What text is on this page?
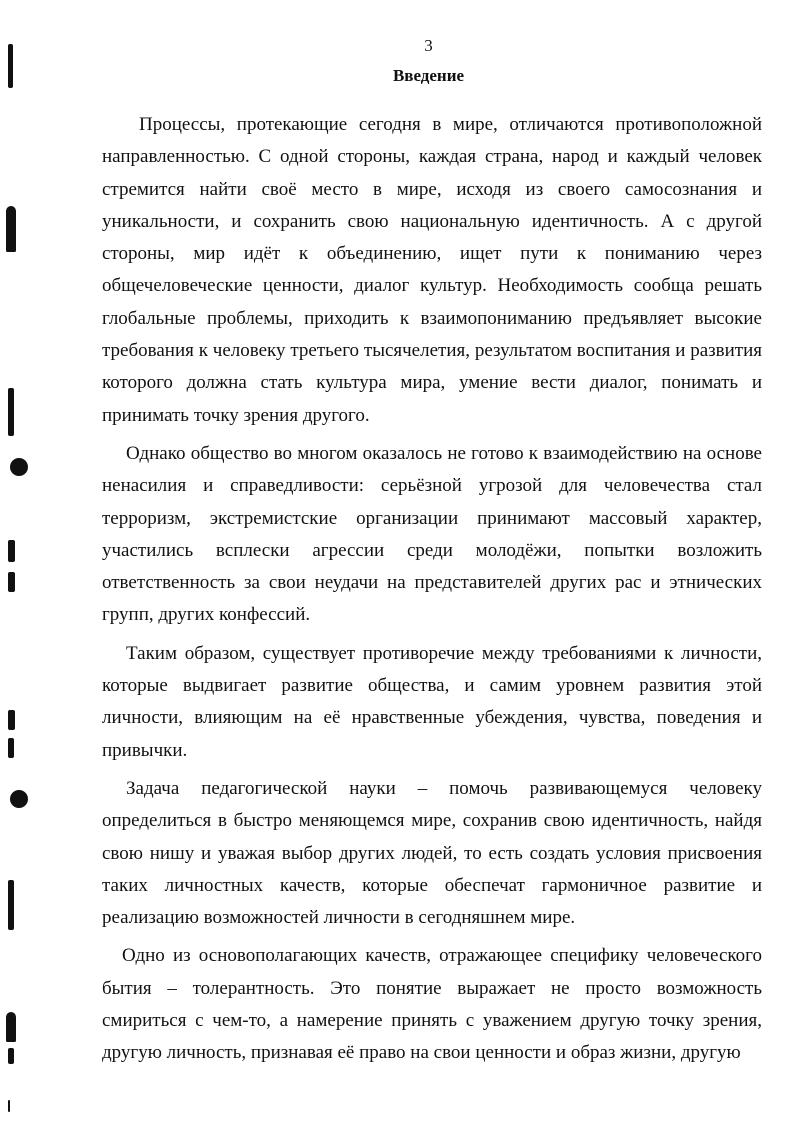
3
Введение

Процессы, протекающие сегодня в мире, отличаются противоположной направленностью. С одной стороны, каждая страна, народ и каждый человек стремится найти своё место в мире, исходя из своего самосознания и уникальности, и сохранить свою национальную идентичность. А с другой стороны, мир идёт к объединению, ищет пути к пониманию через общечеловеческие ценности, диалог культур. Необходимость сообща решать глобальные проблемы, приходить к взаимопониманию предъявляет высокие требования к человеку третьего тысячелетия, результатом воспитания и развития которого должна стать культура мира, умение вести диалог, понимать и принимать точку зрения другого.

Однако общество во многом оказалось не готово к взаимодействию на основе ненасилия и справедливости: серьёзной угрозой для человечества стал терроризм, экстремистские организации принимают массовый характер, участились всплески агрессии среди молодёжи, попытки возложить ответственность за свои неудачи на представителей других рас и этнических групп, других конфессий.

Таким образом, существует противоречие между требованиями к личности, которые выдвигает развитие общества, и самим уровнем развития этой личности, влияющим на её нравственные убеждения, чувства, поведения и привычки.

Задача педагогической науки – помочь развивающемуся человеку определиться в быстро меняющемся мире, сохранив свою идентичность, найдя свою нишу и уважая выбор других людей, то есть создать условия присвоения таких личностных качеств, которые обеспечат гармоничное развитие и реализацию возможностей личности в сегодняшнем мире.

Одно из основополагающих качеств, отражающее специфику человеческого бытия – толерантность. Это понятие выражает не просто возможность смириться с чем-то, а намерение принять с уважением другую точку зрения, другую личность, признавая её право на свои ценности и образ жизни, другую
